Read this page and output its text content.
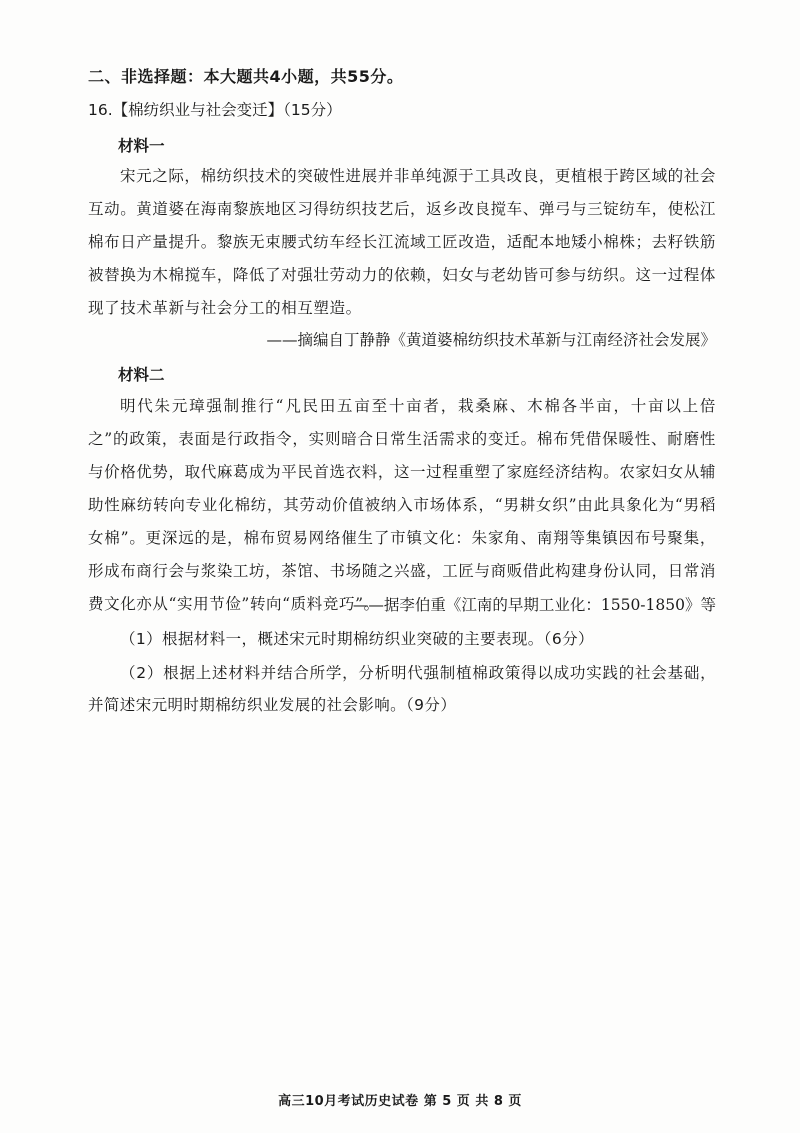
二、非选择题：本大题共4小题，共55分。
16.【棉纺织业与社会变迁】（15分）
材料一
宋元之际，棉纺织技术的突破性进展并非单纯源于工具改良，更植根于跨区域的社会互动。黄道婆在海南黎族地区习得纺织技艺后，返乡改良搅车、弹弓与三锭纺车，使松江棉布日产量提升。黎族无束腰式纺车经长江流域工匠改造，适配本地矮小棉株；去籽铁筋被替换为木棉搅车，降低了对强壮劳动力的依赖，妇女与老幼皆可参与纺织。这一过程体现了技术革新与社会分工的相互塑造。
——摘编自丁静静《黄道婆棉纺织技术革新与江南经济社会发展》
材料二
明代朱元璋强制推行“凡民田五亩至十亩者，栽桑麻、木棉各半亩，十亩以上倍之”的政策，表面是行政指令，实则暗合日常生活需求的变迁。棉布凭借保暖性、耐磨性与价格优势，取代麻葛成为平民首选衣料，这一过程重塑了家庭经济结构。农家妇女从辅助性麻纺转向专业化棉纺，其劳动价值被纳入市场体系，“男耕女织”由此具象化为“男稻女棉”。更深远的是，棉布贸易网络催生了市镇文化：朱家角、南翔等集镇因布号聚集，形成布商行会与浆染工坊，茶馆、书场随之兴盛，工匠与商贩借此构建身份认同，日常消费文化亦从“实用节俭”转向“质料竞巧”。
——据李伯重《江南的早期工业化：1550-1850》等
（1）根据材料一，概述宋元时期棉纺织业突破的主要表现。（6分）
（2）根据上述材料并结合所学，分析明代强制植棉政策得以成功实践的社会基础，并简述宋元明时期棉纺织业发展的社会影响。（9分）
高三10月考试历史试卷 第 5 页 共 8 页
